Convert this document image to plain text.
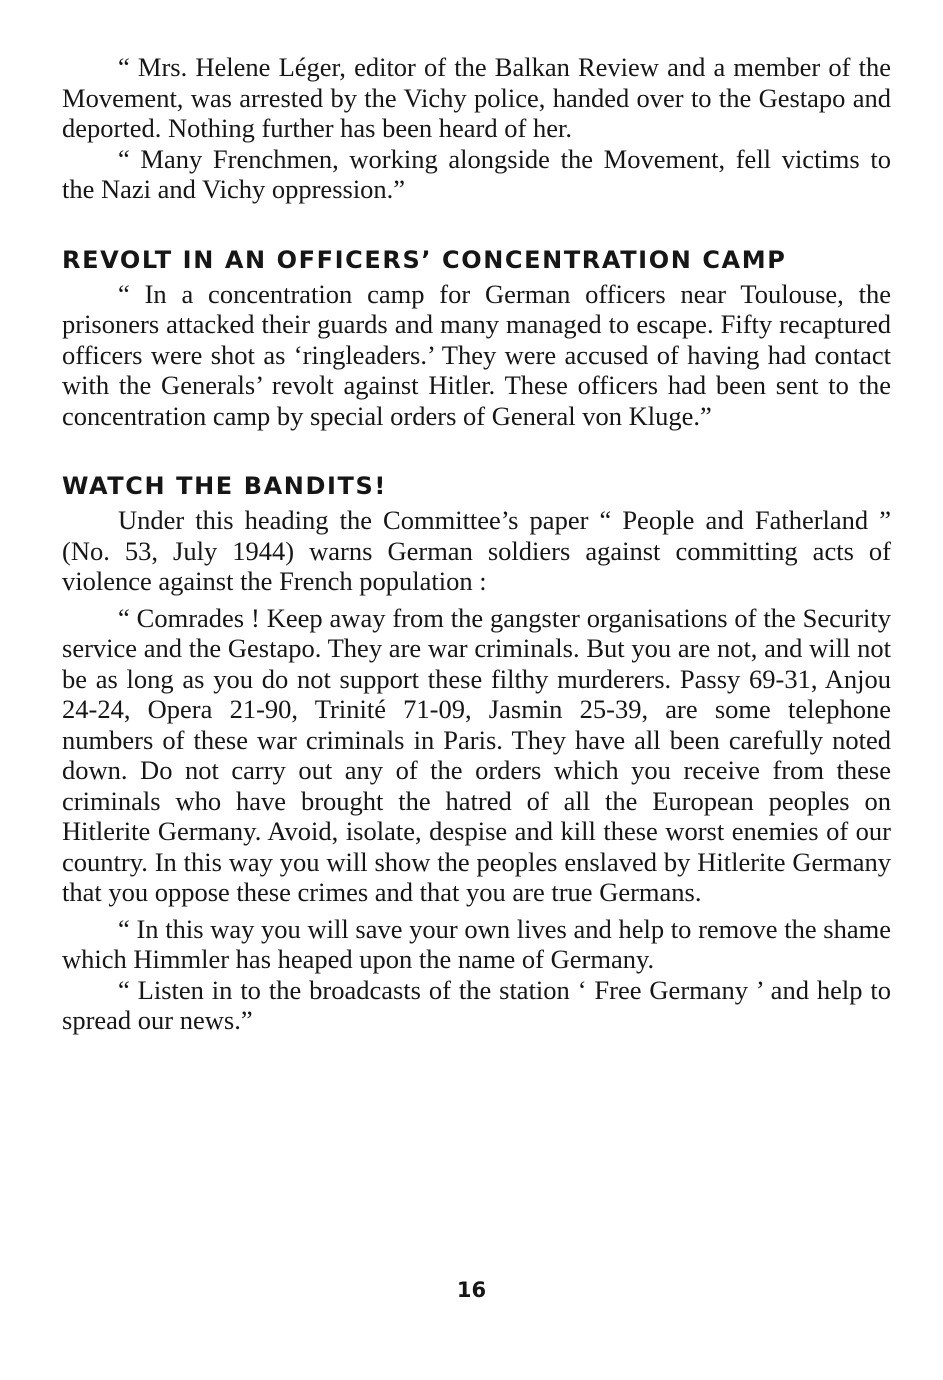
“ Mrs. Helene Léger, editor of the Balkan Review and a member of the Movement, was arrested by the Vichy police, handed over to the Gestapo and deported. Nothing further has been heard of her.

“ Many Frenchmen, working alongside the Movement, fell victims to the Nazi and Vichy oppression.”

REVOLT IN AN OFFICERS’ CONCENTRATION CAMP

“ In a concentration camp for German officers near Toulouse, the prisoners attacked their guards and many managed to escape. Fifty recaptured officers were shot as ‘ringleaders.’ They were accused of having had contact with the Generals’ revolt against Hitler. These officers had been sent to the concentration camp by special orders of General von Kluge.”

WATCH THE BANDITS!

Under this heading the Committee’s paper “ People and Fatherland ” (No. 53, July 1944) warns German soldiers against committing acts of violence against the French population :

“ Comrades ! Keep away from the gangster organisations of the Security service and the Gestapo. They are war criminals. But you are not, and will not be as long as you do not support these filthy murderers. Passy 69-31, Anjou 24-24, Opera 21-90, Trinité 71-09, Jasmin 25-39, are some telephone numbers of these war criminals in Paris. They have all been carefully noted down. Do not carry out any of the orders which you receive from these criminals who have brought the hatred of all the European peoples on Hitlerite Germany. Avoid, isolate, despise and kill these worst enemies of our country. In this way you will show the peoples enslaved by Hitlerite Germany that you oppose these crimes and that you are true Germans.

“ In this way you will save your own lives and help to remove the shame which Himmler has heaped upon the name of Germany.

“ Listen in to the broadcasts of the station ‘ Free Germany ’ and help to spread our news.”

16
